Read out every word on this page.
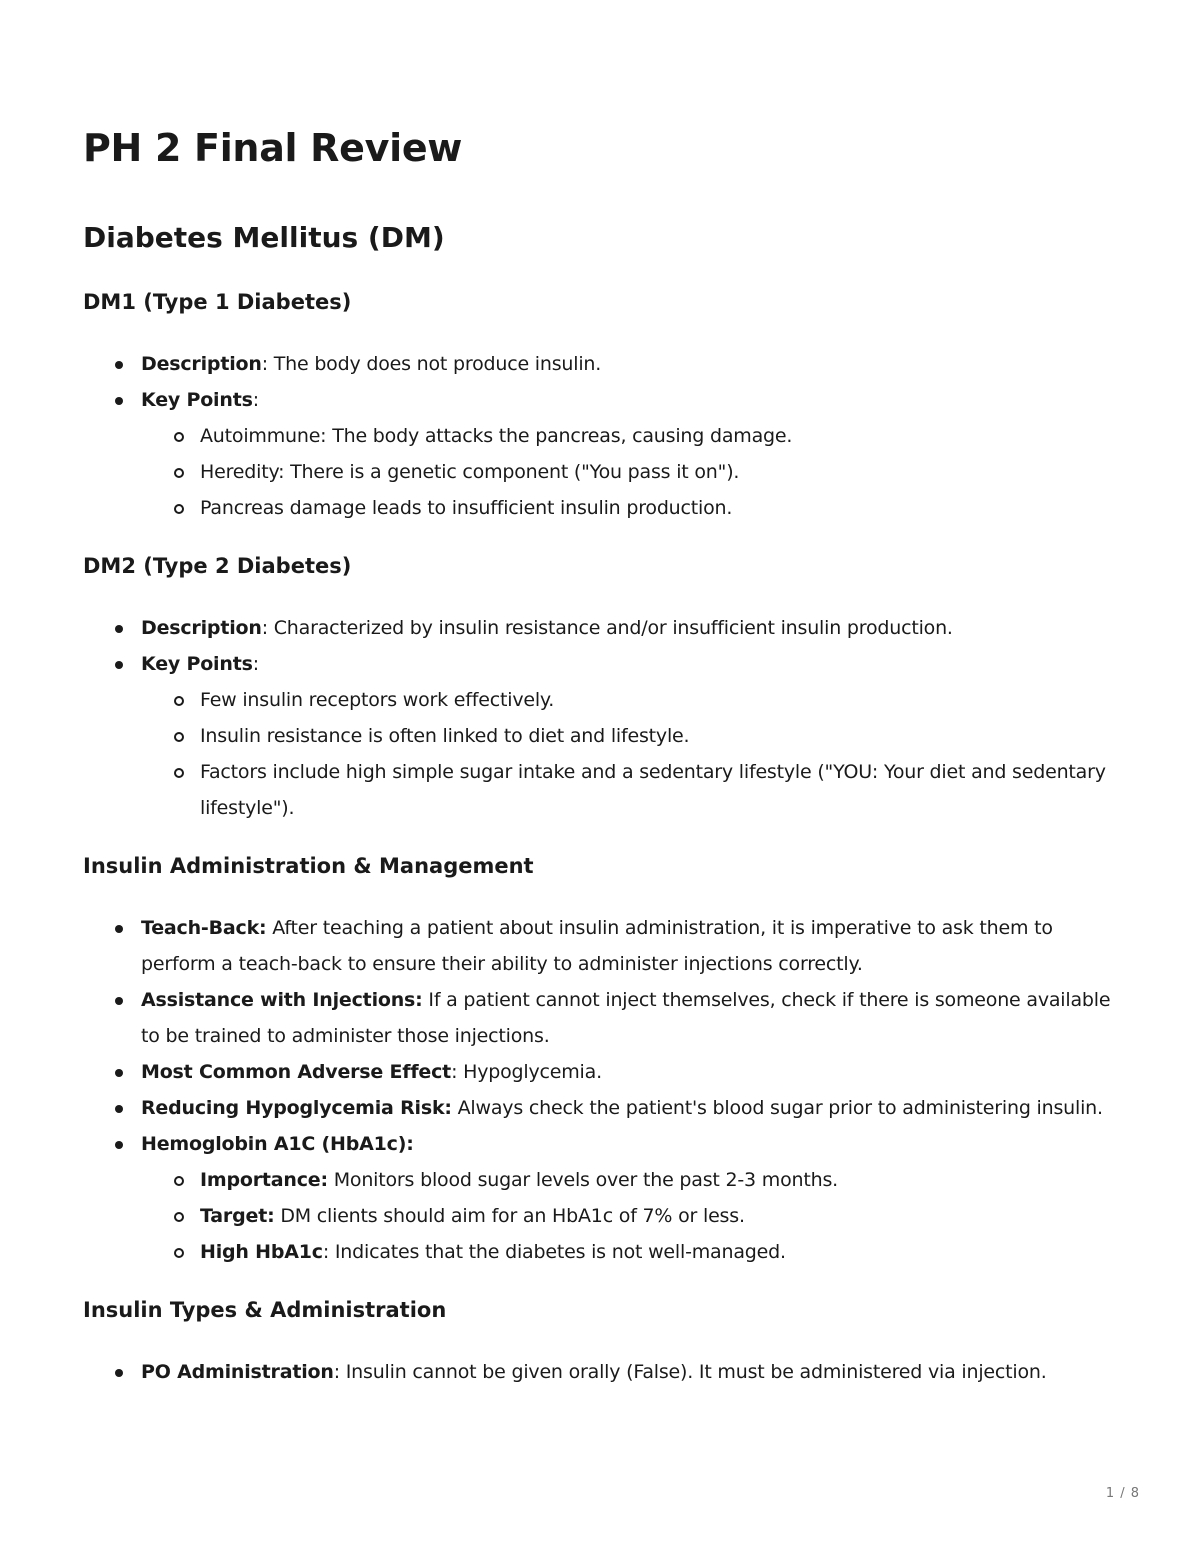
PH 2 Final Review
Diabetes Mellitus (DM)
DM1 (Type 1 Diabetes)
Description: The body does not produce insulin.
Key Points:
Autoimmune: The body attacks the pancreas, causing damage.
Heredity: There is a genetic component ("You pass it on").
Pancreas damage leads to insufficient insulin production.
DM2 (Type 2 Diabetes)
Description: Characterized by insulin resistance and/or insufficient insulin production.
Key Points:
Few insulin receptors work effectively.
Insulin resistance is often linked to diet and lifestyle.
Factors include high simple sugar intake and a sedentary lifestyle ("YOU: Your diet and sedentary lifestyle").
Insulin Administration & Management
Teach-Back: After teaching a patient about insulin administration, it is imperative to ask them to perform a teach-back to ensure their ability to administer injections correctly.
Assistance with Injections: If a patient cannot inject themselves, check if there is someone available to be trained to administer those injections.
Most Common Adverse Effect: Hypoglycemia.
Reducing Hypoglycemia Risk: Always check the patient's blood sugar prior to administering insulin.
Hemoglobin A1C (HbA1c):
Importance: Monitors blood sugar levels over the past 2-3 months.
Target: DM clients should aim for an HbA1c of 7% or less.
High HbA1c: Indicates that the diabetes is not well-managed.
Insulin Types & Administration
PO Administration: Insulin cannot be given orally (False). It must be administered via injection.
1 / 8
